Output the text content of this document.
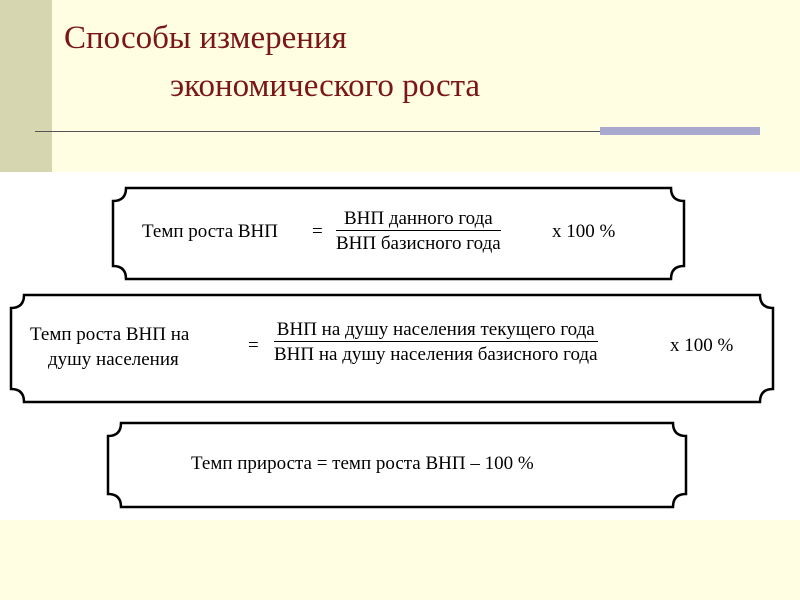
Способы измерения
экономического роста
Темп роста ВНП =
ВНП данного года
ВНП базисного года
х 100 %
Темп роста ВНП на
душу населения
=
ВНП на душу населения текущего года
ВНП на душу населения базисного года	х 100 %
Темп прироста = темп роста ВНП – 100 %
